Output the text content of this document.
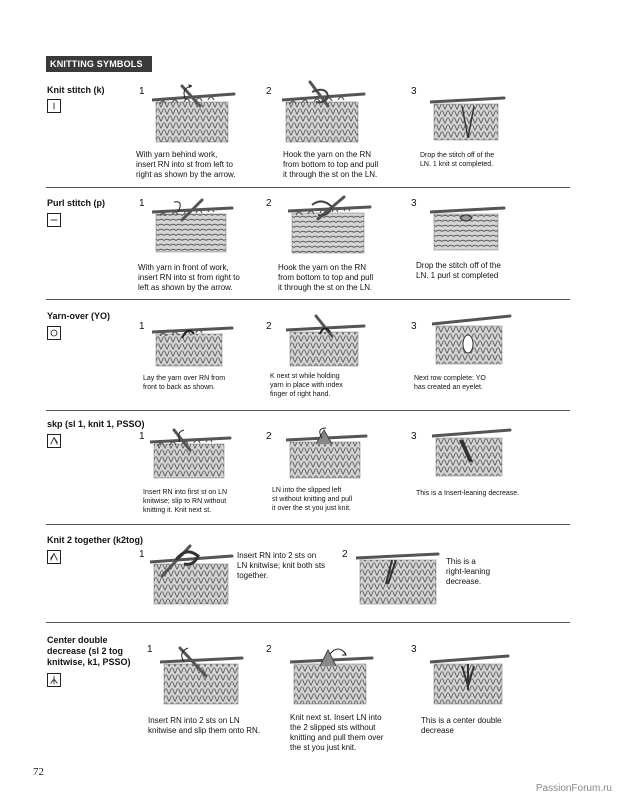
KNITTING SYMBOLS
Knit stitch (k)	1
With yarn behind work,
insert RN into st from left to
right as shown by the arrow.
2
Hook the yarn on the RN
from bottom to top and pull
it through the st on the LN.
3
Drop the stitch off of the
LN. 1 knit st completed.
Purl stitch (p)	1
With yarn in front of work,
insert RN into st from right to
left as shown by the arrow.
2
Hook the yarn on the RN
from bottom to top and pull
it through the st on the LN.
3
Drop the stitch off of the
LN. 1 purl st completed
Yarn-over (YO)
1
Lay the yarn over RN from
front to back as shown.
2
K next st while holding
yarn in place with index
finger of right hand.
3
Next row complete: YO
has created an eyelet.
skp (sl 1, knit 1, PSSO)
1
Insert RN into first st on LN
knitwise; slip to RN without
knitting it. Knit next st.
2
LN into the slipped left
st without knitting and pull
it over the st you just knit.
3
This is a Insert-leaning decrease.
Knit 2 together (k2tog)
1	Insert RN into 2 sts on
LN knitwise; knit both sts
together.
2
This is a
right-leaning
decrease.
Center double
decrease (sl 2 tog
knitwise, k1, PSSO)
1
Insert RN into 2 sts on LN
knitwise and slip them onto RN.
2
Knit next st. Insert LN into
the 2 slipped sts without
knitting and pull them over
the st you just knit.
3
This is a center double
decrease
72
PassionForum.ru
